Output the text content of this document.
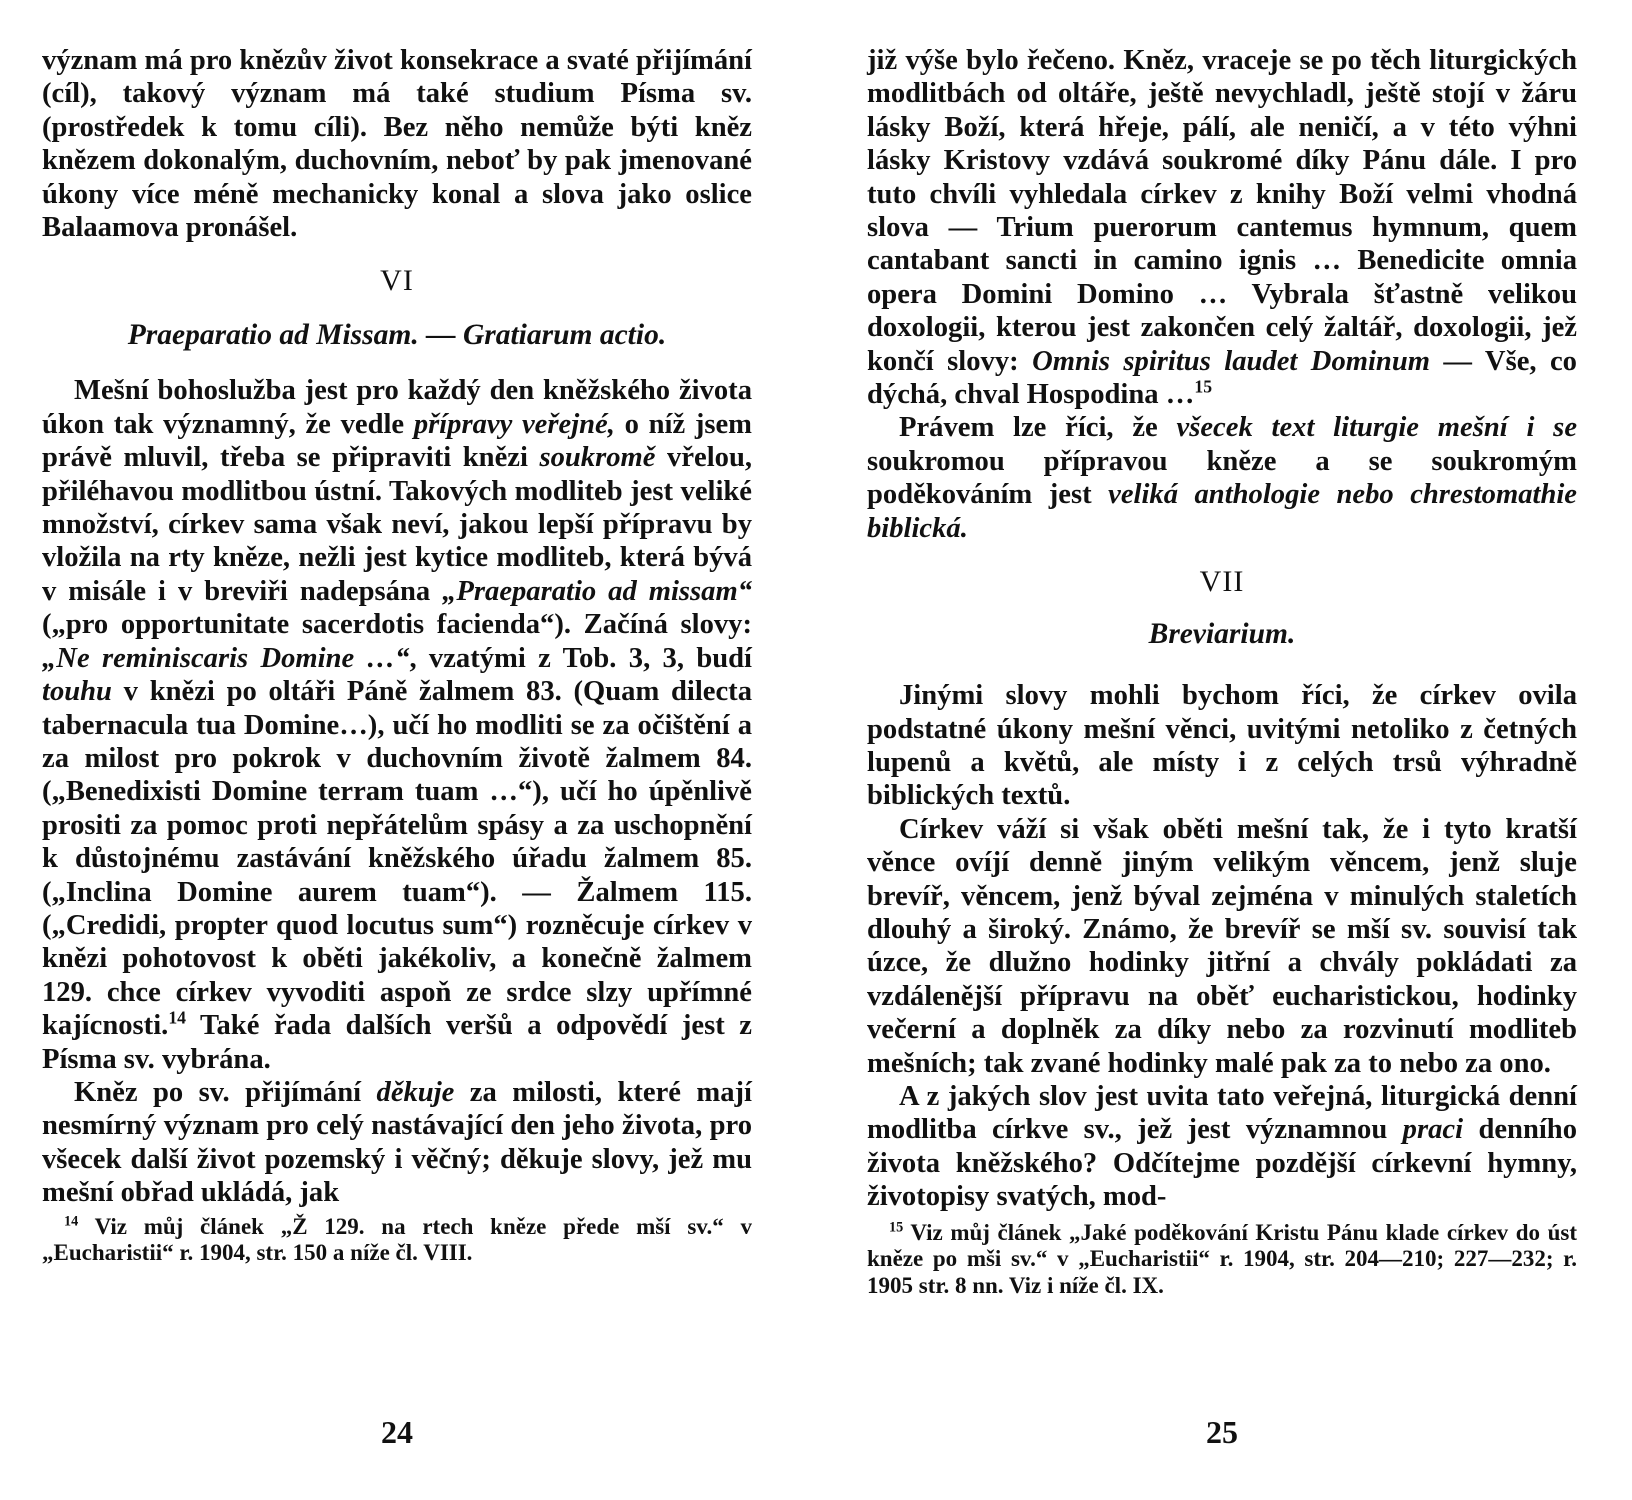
význam má pro knězův život konsekrace a svaté přijímání (cíl), takový význam má také studium Písma sv. (prostředek k tomu cíli). Bez něho nemůže býti kněz knězem dokonalým, duchovním, neboť by pak jmenované úkony více méně mechanicky konal a slova jako oslice Balaamova pronášel.

VI
Praeparatio ad Missam. — Gratiarum actio.

Mešní bohoslužba jest pro každý den kněžského života úkon tak významný, že vedle přípravy veřejné, o níž jsem právě mluvil, třeba se připraviti knězi soukromě vřelou, přiléhavou modlitbou ústní. Takových modliteb jest veliké množství, církev sama však neví, jakou lepší přípravu by vložila na rty kněze, nežli jest kytice modliteb, která bývá v misále i v breviři nadepsána „Praeparatio ad missam“ („pro opportunitate sacerdotis facienda“). Začíná slovy: „Ne reminiscaris Domine …“, vzatými z Tob. 3, 3, budí touhu v knězi po oltáři Páně žalmem 83. (Quam dilecta tabernacula tua Domine…), učí ho modliti se za očištění a za milost pro pokrok v duchovním životě žalmem 84. („Benedixisti Domine terram tuam …“), učí ho úpěnlivě prositi za pomoc proti nepřátelům spásy a za uschopnění k důstojnému zastávání kněžského úřadu žalmem 85. („Inclina Domine aurem tuam“). — Žalmem 115. („Credidi, propter quod locutus sum“) rozněcuje církev v knězi pohotovost k oběti jakékoliv, a konečně žalmem 129. chce církev vyvoditi aspoň ze srdce slzy upřímné kajícnosti.$^{14}$ Také řada dalších veršů a odpovědí jest z Písma sv. vybrána.

Kněz po sv. přijímání děkuje za milosti, které mají nesmírný význam pro celý nastávající den jeho života, pro všecek další život pozemský i věčný; děkuje slovy, jež mu mešní obřad ukládá, jak

$^{14}$ Viz můj článek „Ž 129. na rtech kněze přede mší sv.“ v „Eucharistii“ r. 1904, str. 150 a níže čl. VIII.

24

již výše bylo řečeno. Kněz, vraceje se po těch liturgických modlitbách od oltáře, ještě nevychladl, ještě stojí v žáru lásky Boží, která hřeje, pálí, ale neničí, a v této výhni lásky Kristovy vzdává soukromé díky Pánu dále. I pro tuto chvíli vyhledala církev z knihy Boží velmi vhodná slova — Trium puerorum cantemus hymnum, quem cantabant sancti in camino ignis … Benedicite omnia opera Domini Domino … Vybrala šťastně velikou doxologii, kterou jest zakončen celý žaltář, doxologii, jež končí slovy: Omnis spiritus laudet Dominum — Vše, co dýchá, chval Hospodina …$^{15}$

Právem lze říci, že všecek text liturgie mešní i se soukromou přípravou kněze a se soukromým poděkováním jest veliká anthologie nebo chrestomathie biblická.

VII
Breviarium.

Jinými slovy mohli bychom říci, že církev ovila podstatné úkony mešní věnci, uvitými netoliko z četných lupenů a květů, ale místy i z celých trsů výhradně biblických textů.

Církev váží si však oběti mešní tak, že i tyto kratší věnce ovíjí denně jiným velikým věncem, jenž sluje brevíř, věncem, jenž býval zejména v minulých staletích dlouhý a široký. Známo, že brevíř se mší sv. souvisí tak úzce, že dlužno hodinky jitřní a chvály pokládati za vzdálenější přípravu na oběť eucharistickou, hodinky večerní a doplněk za díky nebo za rozvinutí modliteb mešních; tak zvané hodinky malé pak za to nebo za ono.

A z jakých slov jest uvita tato veřejná, liturgická denní modlitba církve sv., jež jest významnou praci denního života kněžského? Odčítejme pozdější církevní hymny, životopisy svatých, mod-

$^{15}$ Viz můj článek „Jaké poděkování Kristu Pánu klade církev do úst kněze po mši sv.“ v „Eucharistii“ r. 1904, str. 204—210; 227—232; r. 1905 str. 8 nn. Viz i níže čl. IX.

25
